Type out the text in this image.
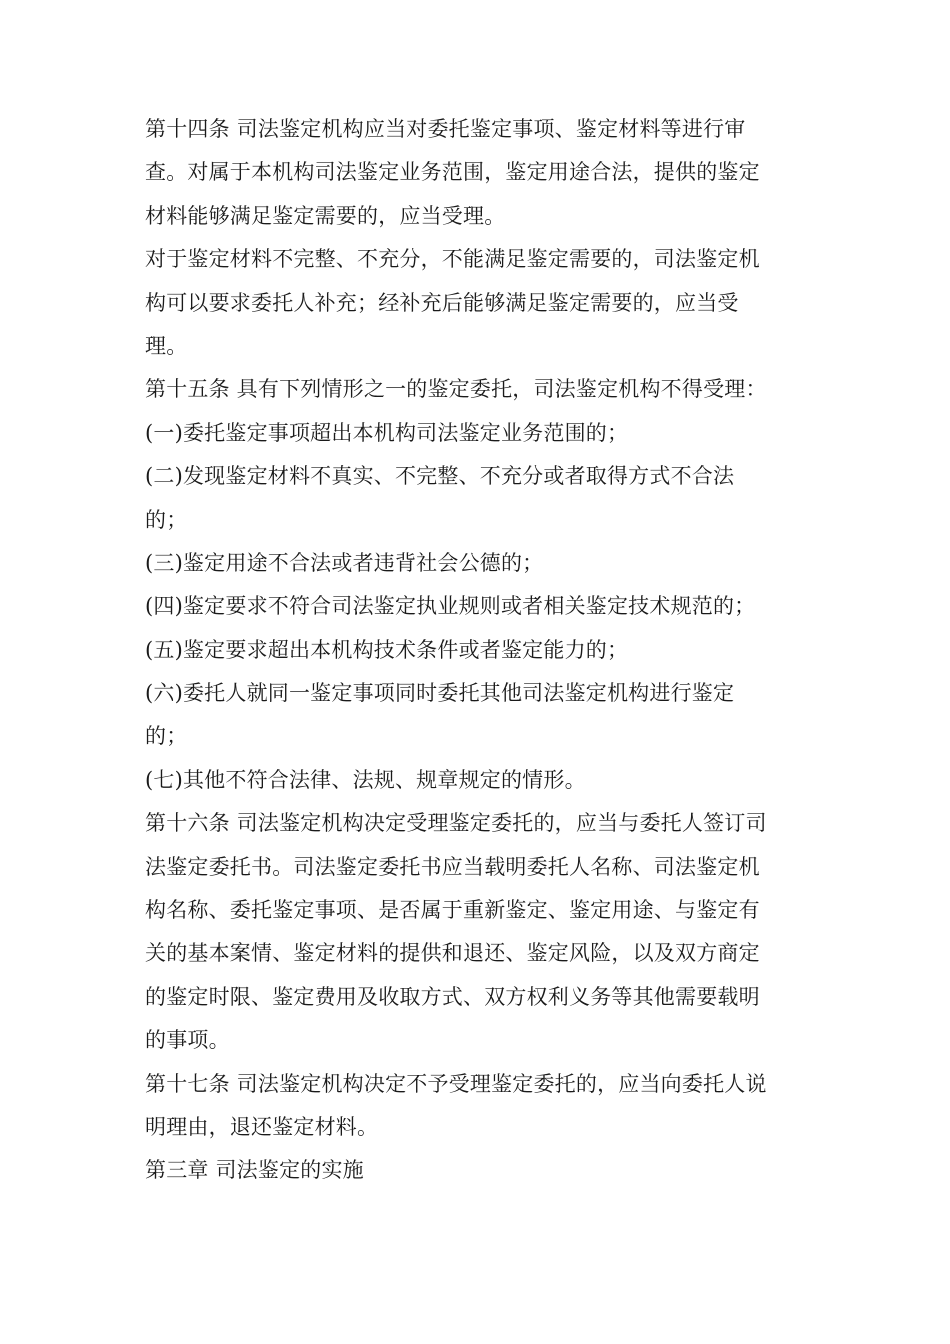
第十四条 司法鉴定机构应当对委托鉴定事项、鉴定材料等进行审
查。对属于本机构司法鉴定业务范围，鉴定用途合法，提供的鉴定
材料能够满足鉴定需要的，应当受理。
对于鉴定材料不完整、不充分，不能满足鉴定需要的，司法鉴定机
构可以要求委托人补充；经补充后能够满足鉴定需要的，应当受
理。
第十五条 具有下列情形之一的鉴定委托，司法鉴定机构不得受理：
(一)委托鉴定事项超出本机构司法鉴定业务范围的；
(二)发现鉴定材料不真实、不完整、不充分或者取得方式不合法
的；
(三)鉴定用途不合法或者违背社会公德的；
(四)鉴定要求不符合司法鉴定执业规则或者相关鉴定技术规范的；
(五)鉴定要求超出本机构技术条件或者鉴定能力的；
(六)委托人就同一鉴定事项同时委托其他司法鉴定机构进行鉴定
的；
(七)其他不符合法律、法规、规章规定的情形。
第十六条 司法鉴定机构决定受理鉴定委托的，应当与委托人签订司
法鉴定委托书。司法鉴定委托书应当载明委托人名称、司法鉴定机
构名称、委托鉴定事项、是否属于重新鉴定、鉴定用途、与鉴定有
关的基本案情、鉴定材料的提供和退还、鉴定风险，以及双方商定
的鉴定时限、鉴定费用及收取方式、双方权利义务等其他需要载明
的事项。
第十七条 司法鉴定机构决定不予受理鉴定委托的，应当向委托人说
明理由，退还鉴定材料。
第三章 司法鉴定的实施
